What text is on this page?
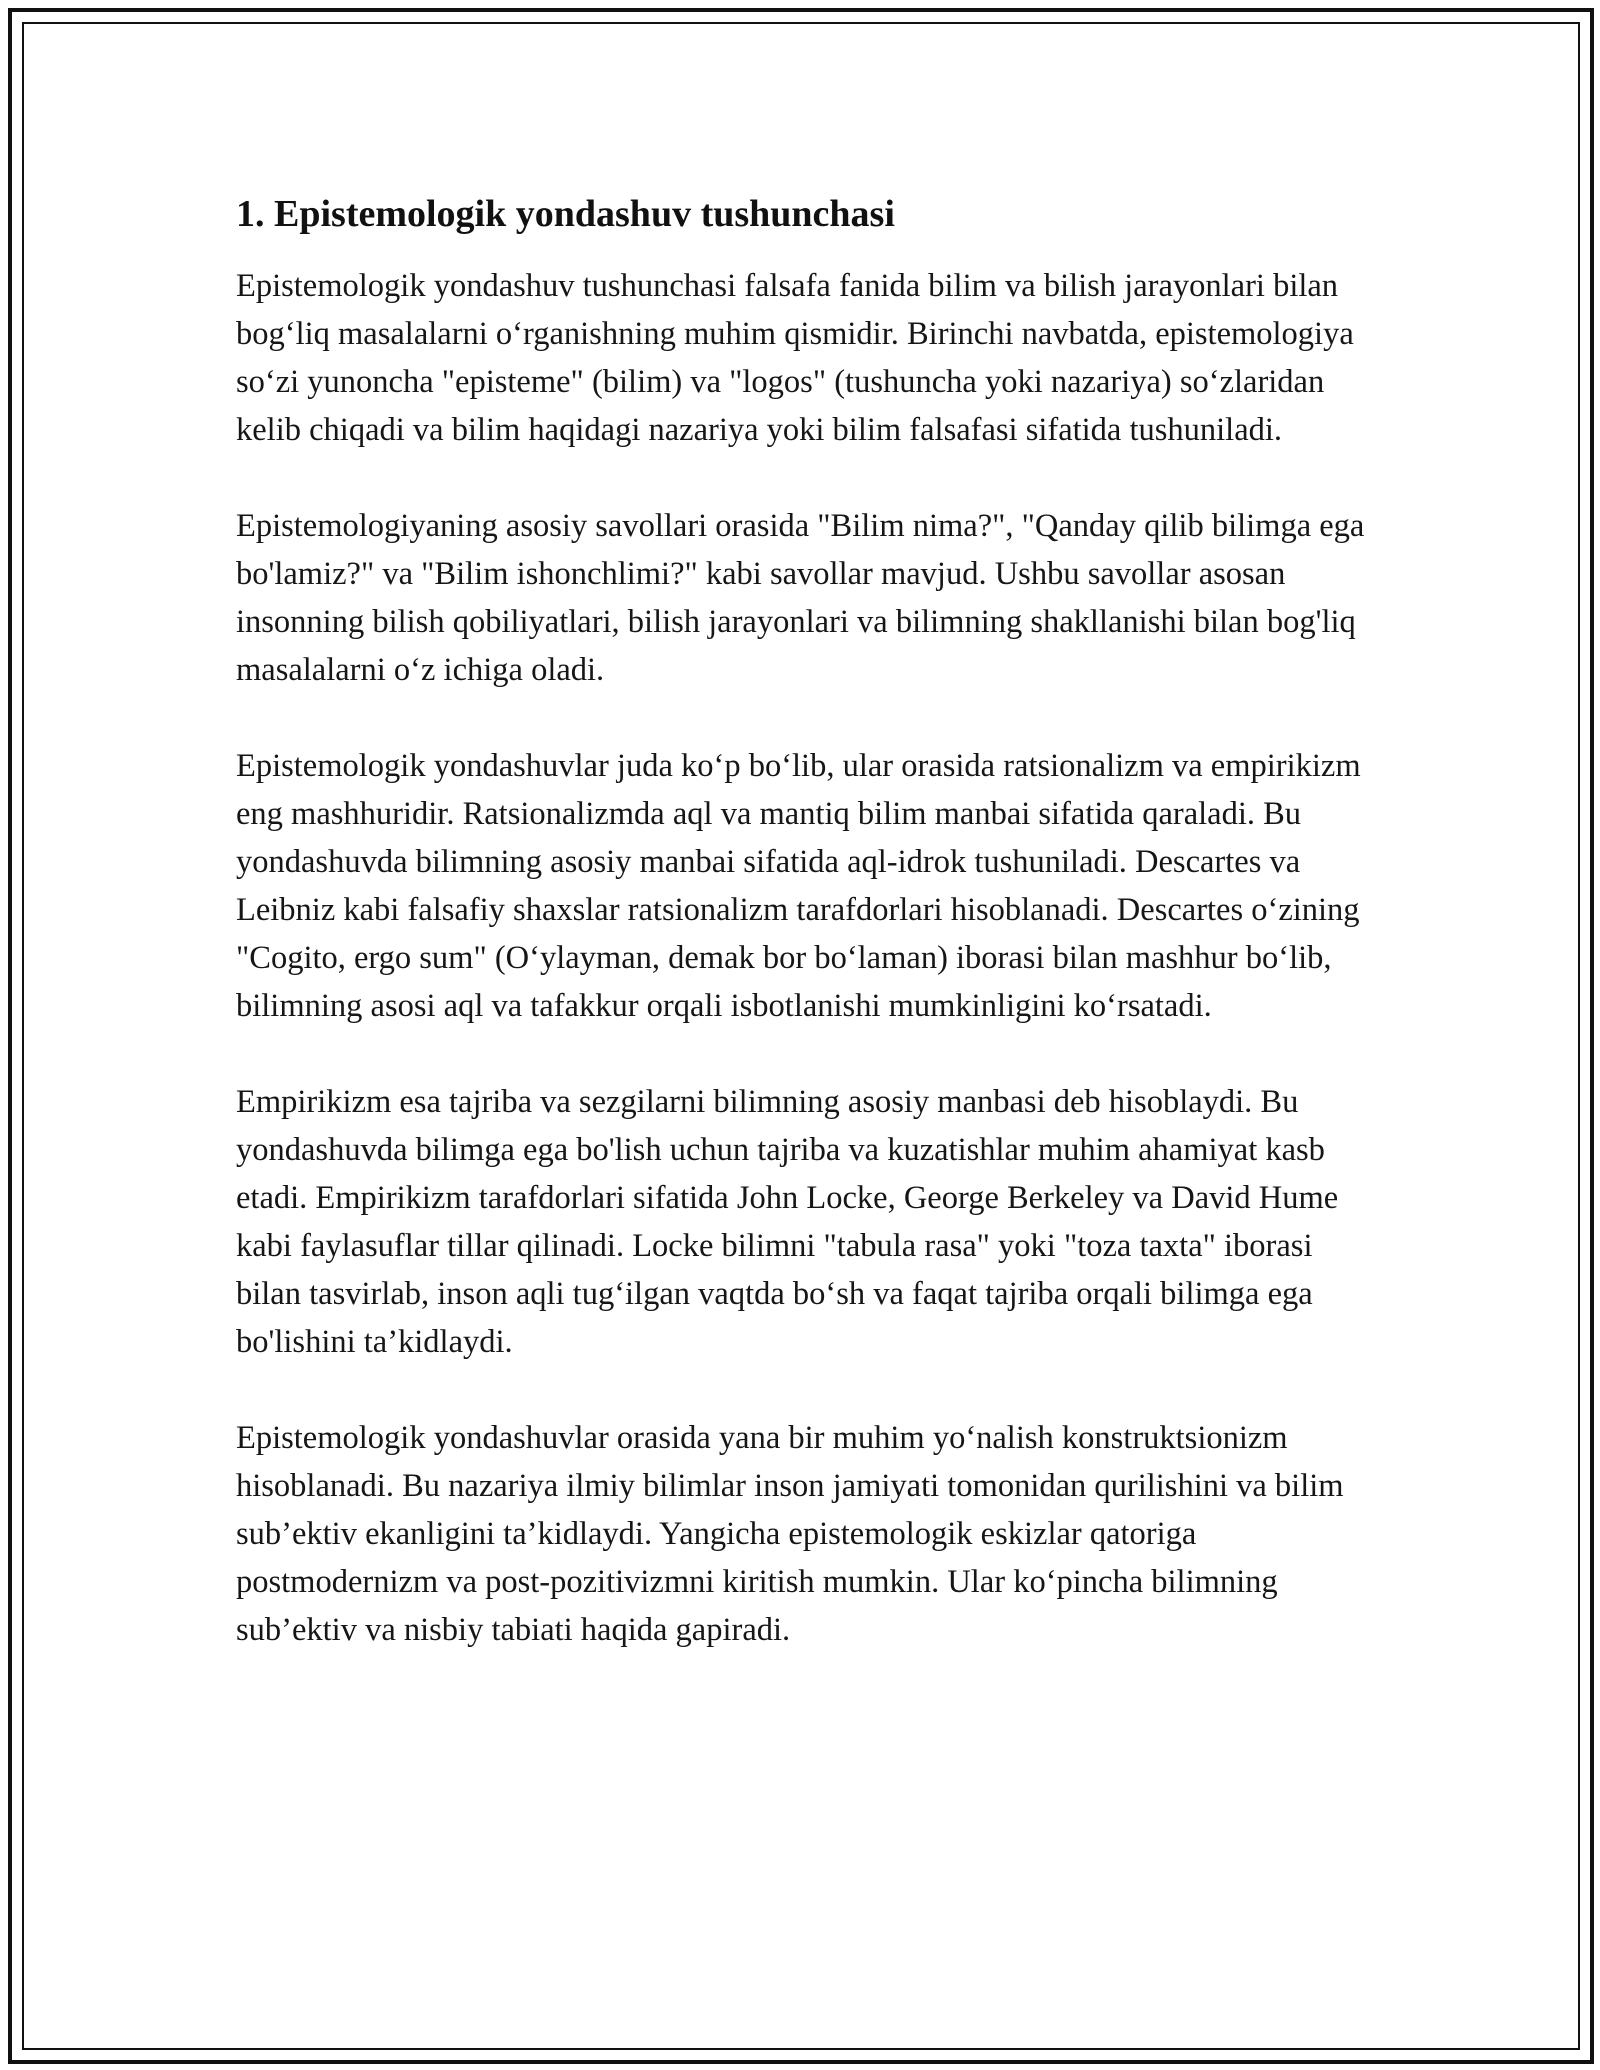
1. Epistemologik yondashuv tushunchasi

Epistemologik yondashuv tushunchasi falsafa fanida bilim va bilish jarayonlari bilan bog‘liq masalalarni o‘rganishning muhim qismidir. Birinchi navbatda, epistemologiya so‘zi yunoncha "episteme" (bilim) va "logos" (tushuncha yoki nazariya) so‘zlaridan kelib chiqadi va bilim haqidagi nazariya yoki bilim falsafasi sifatida tushuniladi.

Epistemologiyaning asosiy savollari orasida "Bilim nima?", "Qanday qilib bilimga ega bo'lamiz?" va "Bilim ishonchlimi?" kabi savollar mavjud. Ushbu savollar asosan insonning bilish qobiliyatlari, bilish jarayonlari va bilimning shakllanishi bilan bog'liq masalalarni o‘z ichiga oladi.

Epistemologik yondashuvlar juda ko‘p bo‘lib, ular orasida ratsionalizm va empirikizm eng mashhuridir. Ratsionalizmda aql va mantiq bilim manbai sifatida qaraladi. Bu yondashuvda bilimning asosiy manbai sifatida aql-idrok tushuniladi. Descartes va Leibniz kabi falsafiy shaxslar ratsionalizm tarafdorlari hisoblanadi. Descartes o‘zining "Cogito, ergo sum" (O‘ylayman, demak bor bo‘laman) iborasi bilan mashhur bo‘lib, bilimning asosi aql va tafakkur orqali isbotlanishi mumkinligini ko‘rsatadi.

Empirikizm esa tajriba va sezgilarni bilimning asosiy manbasi deb hisoblaydi. Bu yondashuvda bilimga ega bo'lish uchun tajriba va kuzatishlar muhim ahamiyat kasb etadi. Empirikizm tarafdorlari sifatida John Locke, George Berkeley va David Hume kabi faylasuflar tillar qilinadi. Locke bilimni "tabula rasa" yoki "toza taxta" iborasi bilan tasvirlab, inson aqli tug‘ilgan vaqtda bo‘sh va faqat tajriba orqali bilimga ega bo'lishini ta’kidlaydi.

Epistemologik yondashuvlar orasida yana bir muhim yo‘nalish konstruktsionizm hisoblanadi. Bu nazariya ilmiy bilimlar inson jamiyati tomonidan qurilishini va bilim sub’ektiv ekanligini ta’kidlaydi. Yangicha epistemologik eskizlar qatoriga postmodernizm va post-pozitivizmni kiritish mumkin. Ular ko‘pincha bilimning sub’ektiv va nisbiy tabiati haqida gapiradi.
